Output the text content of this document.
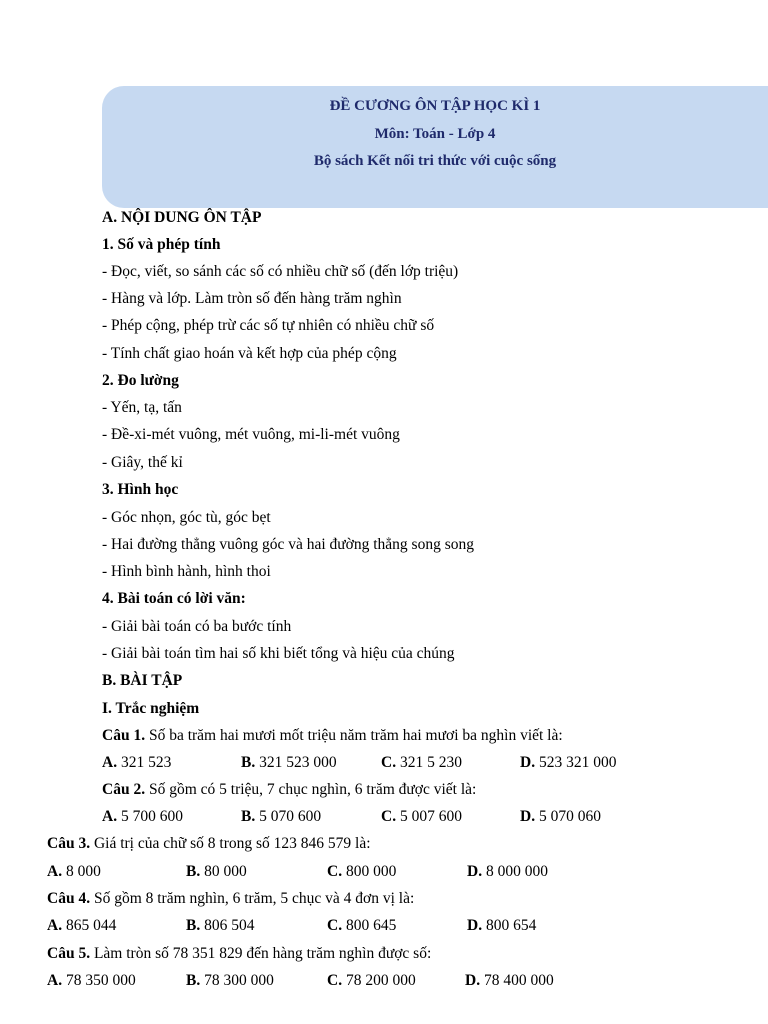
ĐỀ CƯƠNG ÔN TẬP HỌC KÌ 1
Môn: Toán - Lớp 4
Bộ sách Kết nối tri thức với cuộc sống
A. NỘI DUNG ÔN TẬP
1. Số và phép tính
- Đọc, viết, so sánh các số có nhiều chữ số (đến lớp triệu)
- Hàng và lớp. Làm tròn số đến hàng trăm nghìn
- Phép cộng, phép trừ các số tự nhiên có nhiều chữ số
- Tính chất giao hoán và kết hợp của phép cộng
2. Đo lường
- Yến, tạ, tấn
- Đề-xi-mét vuông, mét vuông, mi-li-mét vuông
- Giây, thế kỉ
3. Hình học
- Góc nhọn, góc tù, góc bẹt
- Hai đường thẳng vuông góc và hai đường thẳng song song
- Hình bình hành, hình thoi
4. Bài toán có lời văn:
- Giải bài toán có ba bước tính
- Giải bài toán tìm hai số khi biết tổng và hiệu của chúng
B. BÀI TẬP
I. Trắc nghiệm
Câu 1. Số ba trăm hai mươi mốt triệu năm trăm hai mươi ba nghìn viết là:
A. 321 523	B. 321 523 000	C. 321 5 230	D. 523 321 000
Câu 2. Số gồm có 5 triệu, 7 chục nghìn, 6 trăm được viết là:
A. 5 700 600	B. 5 070 600	C. 5 007 600	D. 5 070 060
Câu 3. Giá trị của chữ số 8 trong số 123 846 579 là:
A. 8 000	B. 80 000	C. 800 000	D. 8 000 000
Câu 4. Số gồm 8 trăm nghìn, 6 trăm, 5 chục và 4 đơn vị là:
A. 865 044	B. 806 504	C. 800 645	D. 800 654
Câu 5. Làm tròn số 78 351 829 đến hàng trăm nghìn được số:
A. 78 350 000	B. 78 300 000	C. 78 200 000	D. 78 400 000
